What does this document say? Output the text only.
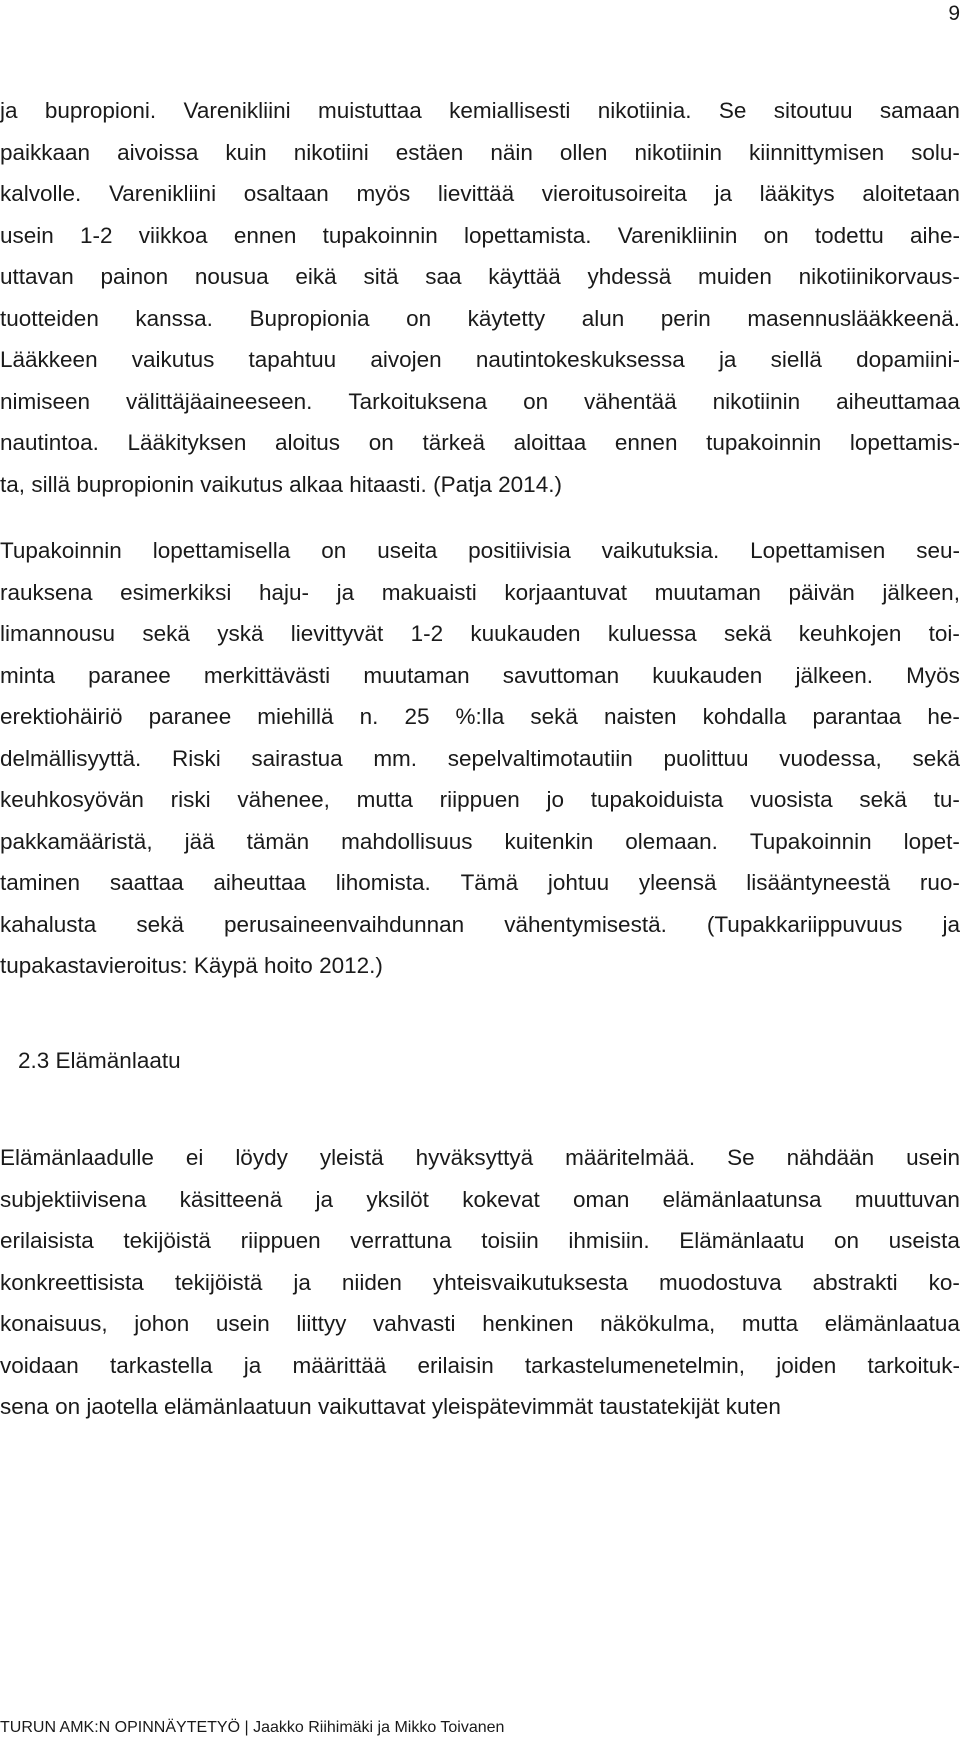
9
ja bupropioni. Varenikliini muistuttaa kemiallisesti nikotiinia. Se sitoutuu samaan
paikkaan aivoissa kuin nikotiini estäen näin ollen nikotiinin kiinnittymisen solu-
kalvolle. Varenikliini osaltaan myös lievittää vieroitusoireita ja lääkitys aloitetaan
usein 1-2 viikkoa ennen tupakoinnin lopettamista. Varenikliinin on todettu aihe-
uttavan painon nousua eikä sitä saa käyttää yhdessä muiden nikotiinikorvaus-
tuotteiden kanssa. Bupropionia on käytetty alun perin masennuslääkkeenä.
Lääkkeen vaikutus tapahtuu aivojen nautintokeskuksessa ja siellä dopamiini-
nimiseen välittäjäaineeseen. Tarkoituksena on vähentää nikotiinin aiheuttamaa
nautintoa. Lääkityksen aloitus on tärkeä aloittaa ennen tupakoinnin lopettamis-
ta, sillä bupropionin vaikutus alkaa hitaasti. (Patja 2014.)
Tupakoinnin lopettamisella on useita positiivisia vaikutuksia. Lopettamisen seu-
rauksena esimerkiksi haju- ja makuaisti korjaantuvat muutaman päivän jälkeen,
limannousu sekä yskä lievittyvät 1-2 kuukauden kuluessa sekä keuhkojen toi-
minta paranee merkittävästi muutaman savuttoman kuukauden jälkeen. Myös
erektiohäiriö paranee miehillä n. 25 %:lla sekä naisten kohdalla parantaa he-
delmällisyyttä. Riski sairastua mm. sepelvaltimotautiin puolittuu vuodessa, sekä
keuhkosyövän riski vähenee, mutta riippuen jo tupakoiduista vuosista sekä tu-
pakkamääristä, jää tämän mahdollisuus kuitenkin olemaan. Tupakoinnin lopet-
taminen saattaa aiheuttaa lihomista. Tämä johtuu yleensä lisääntyneestä ruo-
kahalusta sekä perusaineenvaihdunnan vähentymisestä. (Tupakkariippuvuus ja
tupakastavieroitus: Käypä hoito 2012.)
Elämänlaadulle ei löydy yleistä hyväksyttyä määritelmää. Se nähdään usein
subjektiivisena käsitteenä ja yksilöt kokevat oman elämänlaatunsa muuttuvan
erilaisista tekijöistä riippuen verrattuna toisiin ihmisiin. Elämänlaatu on useista
konkreettisista tekijöistä ja niiden yhteisvaikutuksesta muodostuva abstrakti ko-
konaisuus, johon usein liittyy vahvasti henkinen näkökulma, mutta elämänlaatua
voidaan tarkastella ja määrittää erilaisin tarkastelumenetelmin, joiden tarkoituk-
sena on jaotella elämänlaatuun vaikuttavat yleispätevimmät taustatekijät kuten
2.3 Elämänlaatu
TURUN AMK:N OPINNÄYTETYÖ | Jaakko Riihimäki ja Mikko Toivanen
